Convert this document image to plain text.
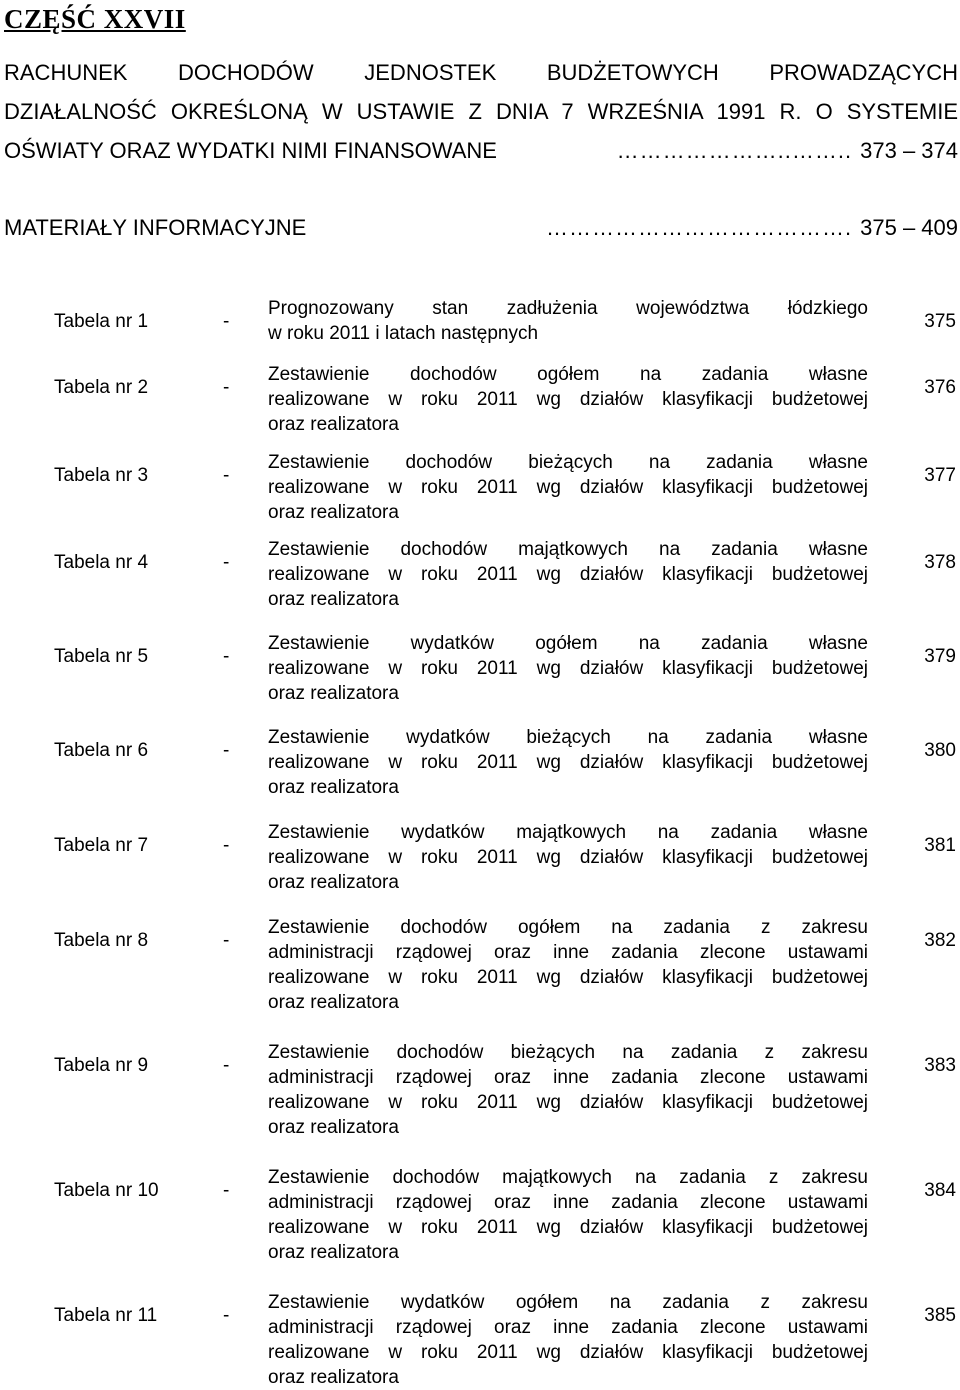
CZĘŚĆ XXVII
RACHUNEK DOCHODÓW JEDNOSTEK BUDŻETOWYCH PROWADZĄCYCH
DZIAŁALNOŚĆ OKREŚLONĄ W USTAWIE Z DNIA 7 WRZEŚNIA 1991 R. O SYSTEMIE
OŚWIATY ORAZ WYDATKI NIMI FINANSOWANE	…………………..…….. 373 – 374
MATERIAŁY INFORMACYJNE	…………………………………. 375 – 409
Tabela nr 1	-
Prognozowany stan zadłużenia województwa łódzkiego
w roku 2011 i latach następnych
375
Tabela nr 2	-
Zestawienie dochodów ogółem na zadania własne
realizowane w roku 2011 wg działów klasyfikacji budżetowej
oraz realizatora
376
Tabela nr 3	-
Zestawienie dochodów bieżących na zadania własne
realizowane w roku 2011 wg działów klasyfikacji budżetowej
oraz realizatora
377
Tabela nr 4	-
Zestawienie dochodów majątkowych na zadania własne
realizowane w roku 2011 wg działów klasyfikacji budżetowej
oraz realizatora
378
Tabela nr 5	-
Zestawienie wydatków ogółem na zadania własne
realizowane w roku 2011 wg działów klasyfikacji budżetowej
oraz realizatora
379
Tabela nr 6	-
Zestawienie wydatków bieżących na zadania własne
realizowane w roku 2011 wg działów klasyfikacji budżetowej
oraz realizatora
380
Tabela nr 7	-
Zestawienie wydatków majątkowych na zadania własne
realizowane w roku 2011 wg działów klasyfikacji budżetowej
oraz realizatora
381
Tabela nr 8	-
Zestawienie dochodów ogółem na zadania z zakresu
administracji rządowej oraz inne zadania zlecone ustawami
realizowane w roku 2011 wg działów klasyfikacji budżetowej
oraz realizatora
382
Tabela nr 9	-
Zestawienie dochodów bieżących na zadania z zakresu
administracji rządowej oraz inne zadania zlecone ustawami
realizowane w roku 2011 wg działów klasyfikacji budżetowej
oraz realizatora
383
Tabela nr 10	-
Zestawienie dochodów majątkowych na zadania z zakresu
administracji rządowej oraz inne zadania zlecone ustawami
realizowane w roku 2011 wg działów klasyfikacji budżetowej
oraz realizatora
384
Tabela nr 11	-
Zestawienie wydatków ogółem na zadania z zakresu
administracji rządowej oraz inne zadania zlecone ustawami
realizowane w roku 2011 wg działów klasyfikacji budżetowej
oraz realizatora
385
